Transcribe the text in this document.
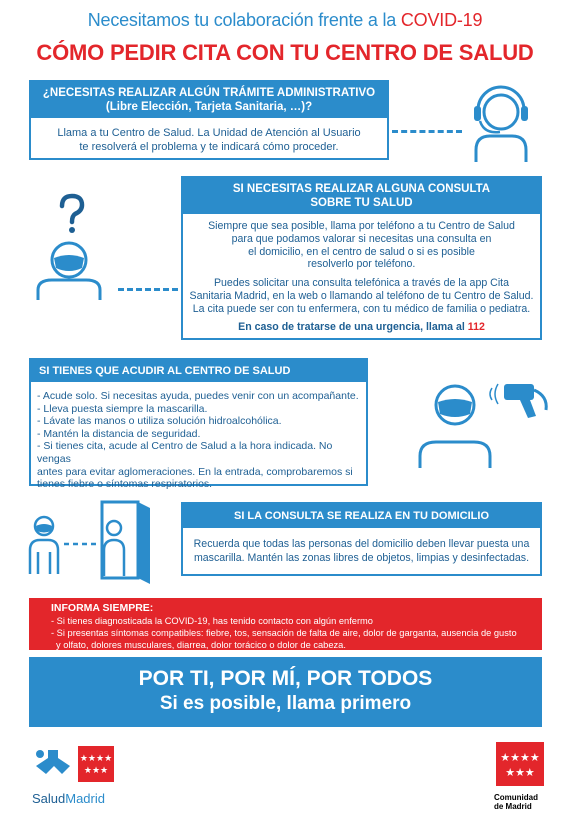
Necesitamos tu colaboración frente a la COVID-19
CÓMO PEDIR CITA CON TU CENTRO DE SALUD
¿NECESITAS REALIZAR ALGÚN TRÁMITE ADMINISTRATIVO
(Libre Elección, Tarjeta Sanitaria, …)?
Llama a tu Centro de Salud. La Unidad de Atención al Usuario
te resolverá el problema y te indicará cómo proceder.
SI NECESITAS REALIZAR ALGUNA CONSULTA
SOBRE TU SALUD
Siempre que sea posible, llama por teléfono a tu Centro de Salud
para que podamos valorar si necesitas una consulta en
el domicilio, en el centro de salud o si es posible
resolverlo por teléfono.
Puedes solicitar una consulta telefónica a través de la app Cita
Sanitaria Madrid, en la web o llamando al teléfono de tu Centro de Salud.
La cita puede ser con tu enfermera, con tu médico de familia o pediatra.
En caso de tratarse de una urgencia, llama al 112
SI TIENES QUE ACUDIR AL CENTRO DE SALUD
- Acude solo. Si necesitas ayuda, puedes venir con un acompañante.
- Lleva puesta siempre la mascarilla.
- Lávate las manos o utiliza solución hidroalcohólica.
- Mantén la distancia de seguridad.
- Si tienes cita, acude al Centro de Salud a la hora indicada. No vengas
antes para evitar aglomeraciones. En la entrada, comprobaremos si
tienes fiebre o síntomas respiratorios.
SI LA CONSULTA SE REALIZA EN TU DOMICILIO
Recuerda que todas las personas del domicilio deben llevar puesta una
mascarilla. Mantén las zonas libres de objetos, limpias y desinfectadas.
INFORMA SIEMPRE:
- Si tienes diagnosticada la COVID-19, has tenido contacto con algún enfermo
- Si presentas síntomas compatibles: fiebre, tos, sensación de falta de aire, dolor de garganta, ausencia de gusto
y olfato, dolores musculares, diarrea, dolor torácico o dolor de cabeza.
POR TI, POR MÍ, POR TODOS
Si es posible, llama primero
★★★★
★★★
SaludMadrid
★★★★
★★★
Comunidad
de Madrid
